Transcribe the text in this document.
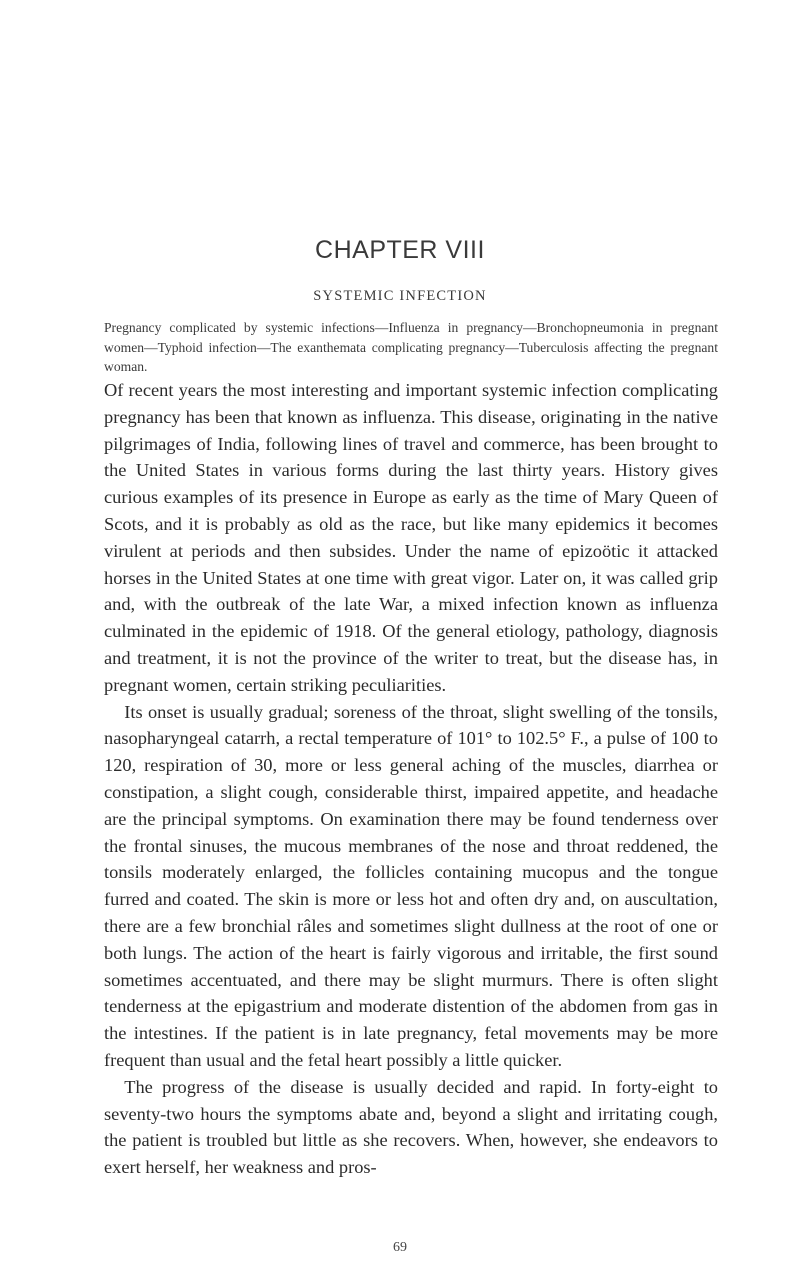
CHAPTER VIII
SYSTEMIC INFECTION

Pregnancy complicated by systemic infections—Influenza in pregnancy—Bronchopneumonia in pregnant women—Typhoid infection—The exanthemata complicating pregnancy—Tuberculosis affecting the pregnant woman.

Of recent years the most interesting and important systemic infection complicating pregnancy has been that known as influenza. This disease, originating in the native pilgrimages of India, following lines of travel and commerce, has been brought to the United States in various forms during the last thirty years. History gives curious examples of its presence in Europe as early as the time of Mary Queen of Scots, and it is probably as old as the race, but like many epidemics it becomes virulent at periods and then subsides. Under the name of epizoötic it attacked horses in the United States at one time with great vigor. Later on, it was called grip and, with the outbreak of the late War, a mixed infection known as influenza culminated in the epidemic of 1918. Of the general etiology, pathology, diagnosis and treatment, it is not the province of the writer to treat, but the disease has, in pregnant women, certain striking peculiarities.

Its onset is usually gradual; soreness of the throat, slight swelling of the tonsils, nasopharyngeal catarrh, a rectal temperature of 101° to 102.5° F., a pulse of 100 to 120, respiration of 30, more or less general aching of the muscles, diarrhea or constipation, a slight cough, considerable thirst, impaired appetite, and headache are the principal symptoms. On examination there may be found tenderness over the frontal sinuses, the mucous membranes of the nose and throat reddened, the tonsils moderately enlarged, the follicles containing mucopus and the tongue furred and coated. The skin is more or less hot and often dry and, on auscultation, there are a few bronchial râles and sometimes slight dullness at the root of one or both lungs. The action of the heart is fairly vigorous and irritable, the first sound sometimes accentuated, and there may be slight murmurs. There is often slight tenderness at the epigastrium and moderate distention of the abdomen from gas in the intestines. If the patient is in late pregnancy, fetal movements may be more frequent than usual and the fetal heart possibly a little quicker.

The progress of the disease is usually decided and rapid. In forty-eight to seventy-two hours the symptoms abate and, beyond a slight and irritating cough, the patient is troubled but little as she recovers. When, however, she endeavors to exert herself, her weakness and pros-

69
